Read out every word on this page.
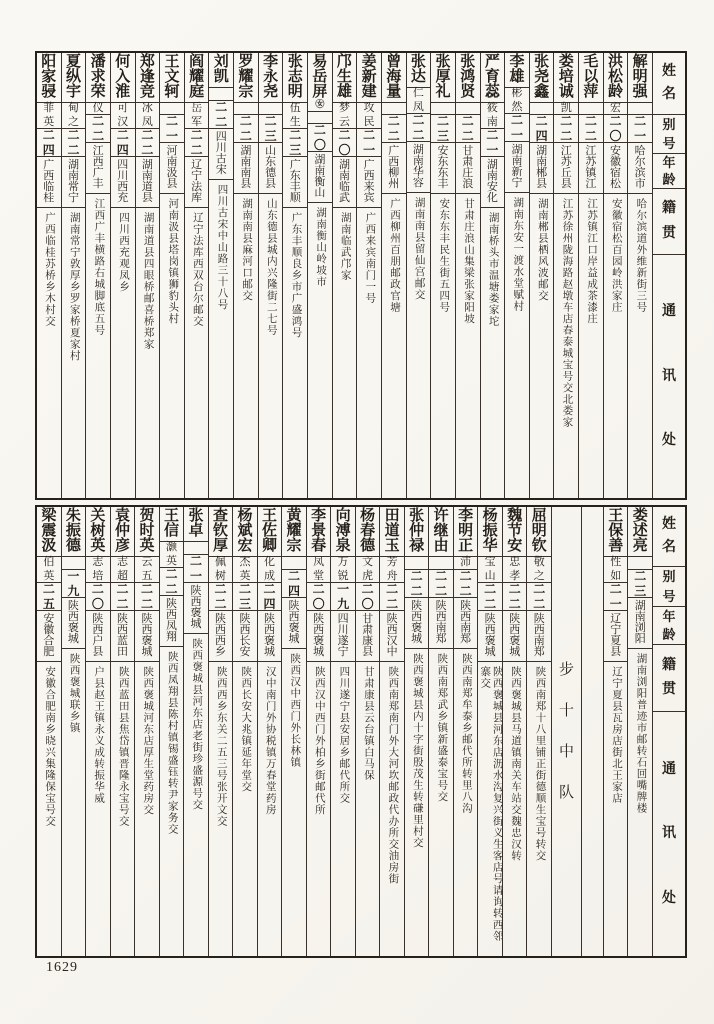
姓
名
别
号
年
龄
籍
贯
通
讯
处
解
明
强
二
一
哈
尔
滨
市
哈尔滨道外维新街三号
洪
松
龄
宏
二
〇
安
徽
宿
松
安徽宿松百园岭洪家庄
毛
以
萍
二
二
江
苏
镇
江
江苏镇江口岸益成茶漆庄
娄
培
诚
凯
二
二
江
苏
丘
县
江苏徐州陇海路赵墩车店春泰城宝号交北娄家
张
尧
鑫
二
四
湖
南
郴
县
湖南郴县栖风波邮交
李
雄
彬
然
二
一
湖
南
新
宁
湖南东安一渡水堂赋村
严
育
蕊
筱
南
二
一
湖
南
安
化
湖南桥头市温塘娄家坨
张
鸿
贤
二
二
甘
肃
庄
浪
甘肃庄浪山集梁张家阳坡
张
厚
礼
二
三
安
东
东
丰
安东东丰民生街五四号
张
达
仁
凤
二
二
湖
南
华
容
湖南南县留仙宫邮交
曾
海
量
二
二
广
西
柳
州
广西柳州百朋邮政官塘
姜
新
建
攻
民
二
一
广
西
来
宾
广西来宾南门一号
邝
生
雄
梦
云
二
〇
湖
南
临
武
湖南临武邝家
易
岳
屏
㊛
二
〇
湖
南
衡
山
湖南衡山岭坡市
张
志
明
伍
生
二
三
广
东
丰
顺
广东丰顺良乡市广盛鸿号
李
永
尧
二
三
山
东
德
县
山东德县城内兴隆街二七号
罗
耀
宗
二
二
湖
南
南
县
湖南南县麻河口邮交
刘
凯
二
二
四
川
古
宋
四川古宋中山路三十八号
阎
耀
庭
岳
军
二
二
辽
宁
法
库
辽宁法库西双台尔邮交
王
文
轲
二
一
河
南
汲
县
河南汲县塔岗镇狮豹头村
郑
逢
竞
冰
凤
二
二
湖
南
道
县
湖南道县四眼桥邮喜桥郑家
何
入
淮
可
汉
二
四
四
川
西
充
四川西充观凤乡
潘
求
荣
仪
二
二
江
西
广
丰
江西广丰横路右城脚底五号
夏
纵
宇
甸
之
二
二
湖
南
常
宁
湖南常宁敦厚乡罗家桥夏家村
阳
家
骎
菲
英
二
四
广
西
临
桂
广西临桂苏桥乡木村交
姓
名
别
号
年
龄
籍
贯
通
讯
处
娄
述
亮
二
三
湖
南
浏
阳
湖南浏阳普迹市邮转石回嘴牌楼
王
保
善
性
如
二
一
辽
宁
夏
县
辽宁夏县瓦房店街北王家店
步
十
中
队
屈
明
钦
敬
之
二
二
陕
西
南
郑
陕西南郑十八里铺正街德顺生宝号转交
魏
节
安
忠
孝
二
二
陕
西
褒
城
陕西褒城县马道镇南关车站交魏忠汉转
杨
振
华
宝
山
二
二
陕
西
褒
城
陕西褒城县河东店沥水沟复兴街义生客店号请询转西邻寨交
李
明
正
沛
二
二
陕
西
南
郑
陕西南郑牟泰乡邮代所转里八沟
许
继
由
二
二
陕
西
南
郑
陕西南郑武乡镇新盛泰宝号交
张
仲
禄
二
二
陕
西
褒
城
陕西褒城县内十字街殷茂生转磏里村交
田
道
玉
芳
舟
二
二
陕
西
汉
中
陕西南郑南门外大河坎邮政代办所交油房街
杨
春
德
文
虎
二
〇
甘
肃
康
县
甘肃康县云台镇白马保
向
溥
泉
万
锐
一
九
四
川
遂
宁
四川遂宁县安居乡邮代所交
李
景
春
凤
堂
二
〇
陕
西
褒
城
陕西汉中西门外柏乡街邮代所
黄
耀
宗
二
四
陕
西
褒
城
陕西汉中西门外长林镇
王
佐
卿
化
成
二
四
陕
西
褒
城
汉中南门外协税镇万春堂药房
杨
斌
宏
杰
英
二
三
陕
西
长
安
陕西长安大兆镇延年堂交
查
钦
厚
佩
树
二
二
陕
西
西
乡
陕西西乡东关二五三号张开文交
张
卓
二
一
陕
西
褒
城
陕西褒城县河东店老街珍盛源号交
王
信
灏
英
二
二
陕
西
凤
翔
陕西凤翔县陈村镇锡盛钰转尹家务交
贺
时
英
云
五
二
二
陕
西
褒
城
陕西褒城河东店厚生堂药房交
袁
仲
彦
志
超
二
二
陕
西
蓝
田
陕西蓝田县焦岱镇晋隆永宝号交
关
树
英
志
培
二
〇
陕
西
户
县
户县赵王镇永义成转振华威
朱
振
德
一
九
陕
西
褒
城
陕西褒城联乡镇
梁
震
汲
伯
英
二
五
安
徽
合
肥
安徽合肥南乡晓兴集隆保宝号交
1629
